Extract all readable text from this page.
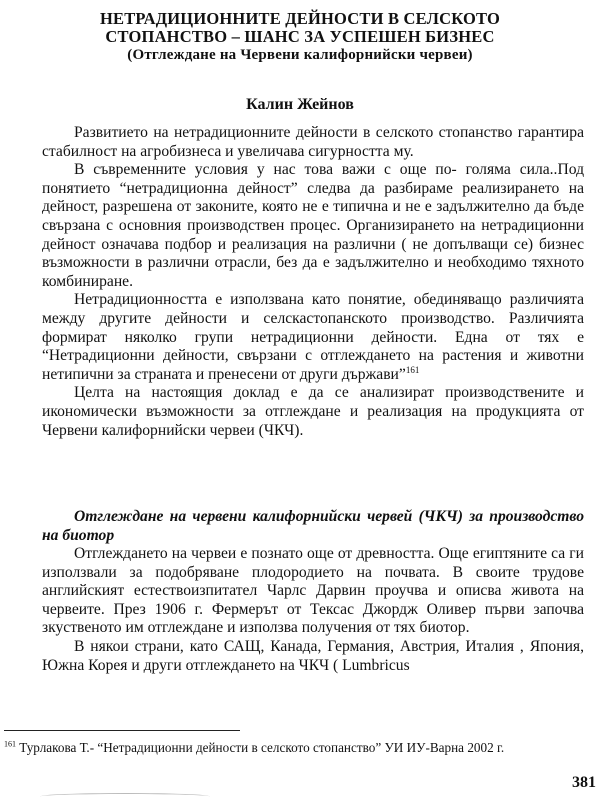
НЕТРАДИЦИОННИТЕ ДЕЙНОСТИ В СЕЛСКОТО

СТОПАНСТВО – ШАНС ЗА УСПЕШЕН БИЗНЕС

(Отглеждане на Червени калифорнийски червеи)

Калин Жейнов

Развитието на нетрадиционните дейности в селското стопанство гарантира стабилност на агробизнеса и увеличава сигурността му.

В съвременните условия у нас това важи с още по- голяма сила..Под понятието “нетрадиционна дейност” следва да разбираме реализирането на дейност, разрешена от законите, която не е типична и не е задължително да бъде свързана с основния производствен процес. Организирането на нетрадиционни дейност означава подбор и реализация на различни ( не допълващи се) бизнес възможности в различни отрасли, без да е задължително и необходимо тяхното комбиниране.

Нетрадиционността е използвана като понятие, обединяващо различията между другите дейности и селскастопанското производство. Различията формират няколко групи нетрадиционни дейности. Една от тях е “Нетрадиционни дейности, свързани с отглеждането на растения и животни нетипични за страната и пренесени от други държави”$^{161}$

Целта на настоящия доклад е да се анализират производствените и икономически възможности за отглеждане и реализация на продукцията от Червени калифорнийски червеи (ЧКЧ).

Отглеждане на червени калифорнийски червей (ЧКЧ) за производство на биотор

Отглеждането на червеи е познато още от древността. Още египтяните са ги използвали за подобряване плодородието на почвата. В своите трудове английският естествоизпитател Чарлс Дарвин проучва и описва живота на червеите. През 1906 г. Фермерът от Тексас Джордж Оливер първи започва зкуственото им отглеждане и използва получения от тях биотор.

В някои страни, като САЩ, Канада, Германия, Австрия, Италия , Япония, Южна Корея и други отглеждането на ЧКЧ ( Lumbricus

$^{161}$ Турлакова Т.- “Нетрадиционни дейности в селското стопанство” УИ ИУ-Варна 2002 г.
381
